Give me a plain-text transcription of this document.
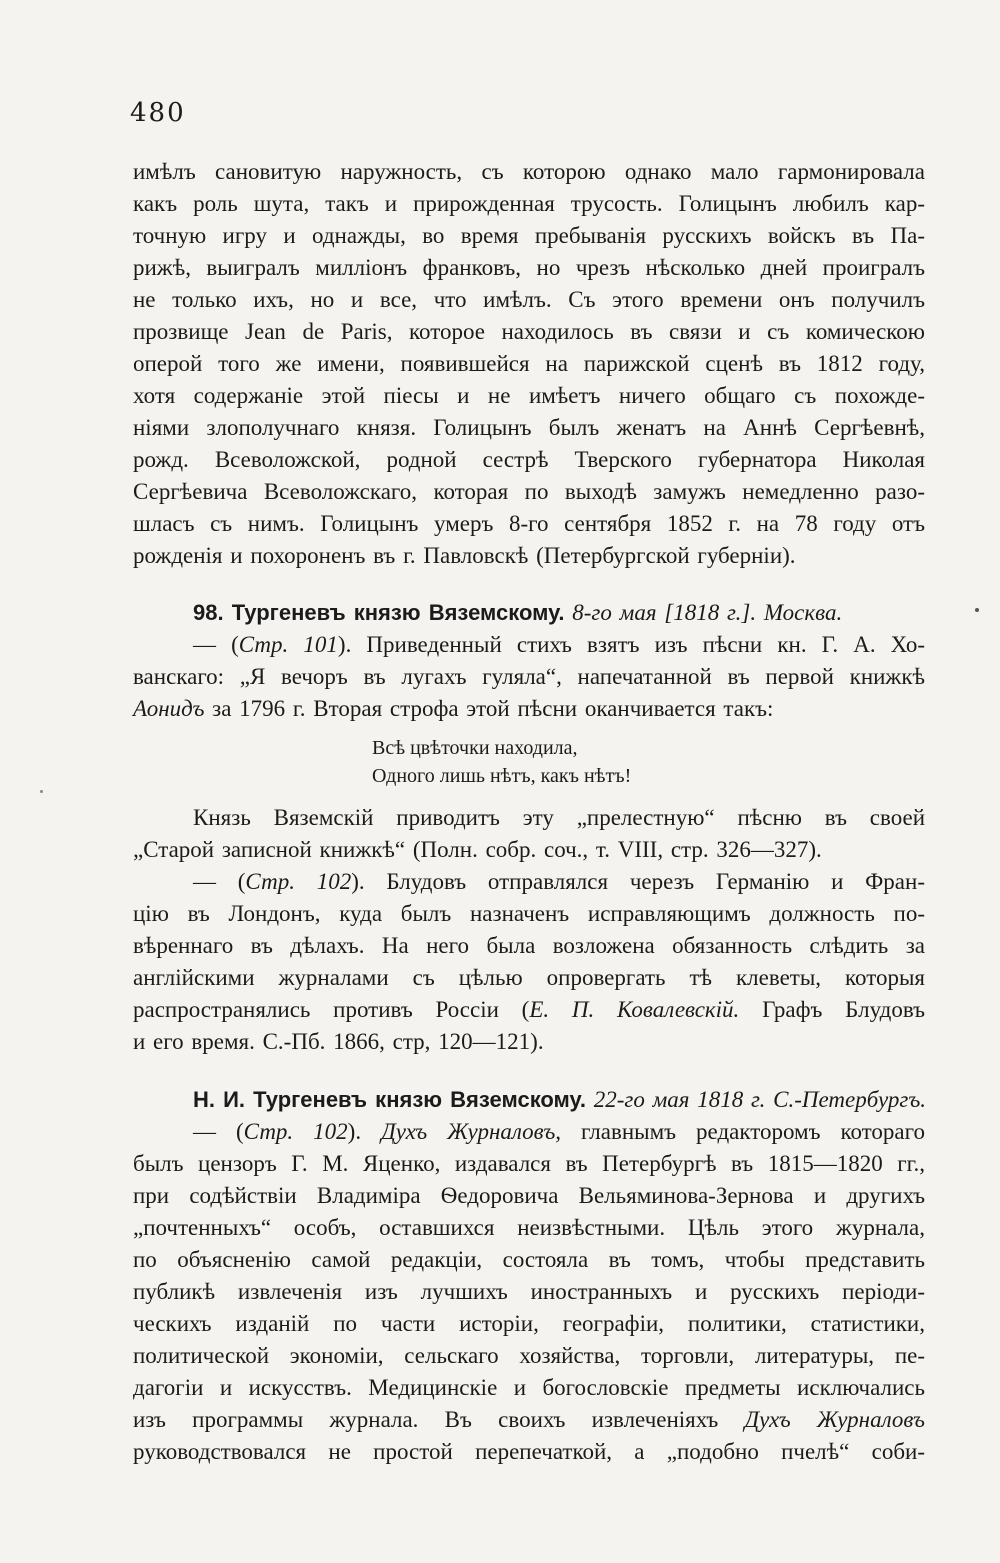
480
имѣлъ сановитую наружность, съ которою однако мало гармонировала
какъ роль шута, такъ и прирожденная трусость. Голицынъ любилъ кар-
точную игру и однажды, во время пребыванія русскихъ войскъ въ Па-
рижѣ, выигралъ милліонъ франковъ, но чрезъ нѣсколько дней проигралъ
не только ихъ, но и все, что имѣлъ. Съ этого времени онъ получилъ
прозвище Jean de Paris, которое находилось въ связи и съ комическою
оперой того же имени, появившейся на парижской сценѣ въ 1812 году,
хотя содержаніе этой піесы и не имѣетъ ничего общаго съ похожде-
ніями злополучнаго князя. Голицынъ былъ женатъ на Аннѣ Сергѣевнѣ,
рожд. Всеволожской, родной сестрѣ Тверского губернатора Николая
Сергѣевича Всеволожскаго, которая по выходѣ замужъ немедленно разо-
шласъ съ нимъ. Голицынъ умеръ 8-го сентября 1852 г. на 78 году отъ
рожденія и похороненъ въ г. Павловскѣ (Петербургской губерніи).
98. Тургеневъ князю Вяземскому. 8-го мая [1818 г.]. Москва.
— (Стр. 101). Приведенный стихъ взятъ изъ пѣсни кн. Г. А. Хо-
ванскаго: „Я вечоръ въ лугахъ гуляла“, напечатанной въ первой книжкѣ
Аонидъ за 1796 г. Вторая строфа этой пѣсни оканчивается такъ:
Всѣ цвѣточки находила,
Одного лишь нѣтъ, какъ нѣтъ!
Князь Вяземскій приводитъ эту „прелестную“ пѣсню въ своей
„Старой записной книжкѣ“ (Полн. собр. соч., т. VIII, стр. 326—327).
— (Стр. 102). Блудовъ отправлялся черезъ Германію и Фран-
цію въ Лондонъ, куда былъ назначенъ исправляющимъ должность по-
вѣреннаго въ дѣлахъ. На него была возложена обязанность слѣдить за
англійскими журналами съ цѣлью опровергать тѣ клеветы, которыя
распространялись противъ Россіи (Е. П. Ковалевскій. Графъ Блудовъ
и его время. С.-Пб. 1866, стр, 120—121).
Н. И. Тургеневъ князю Вяземскому. 22-го мая 1818 г. С.-Петербургъ.
— (Стр. 102). Духъ Журналовъ, главнымъ редакторомъ котораго
былъ цензоръ Г. М. Яценко, издавался въ Петербургѣ въ 1815—1820 гг.,
при содѣйствіи Владиміра Ѳедоровича Вельяминова-Зернова и другихъ
„почтенныхъ“ особъ, оставшихся неизвѣстными. Цѣль этого журнала,
по объясненію самой редакціи, состояла въ томъ, чтобы представить
публикѣ извлеченія изъ лучшихъ иностранныхъ и русскихъ періоди-
ческихъ изданій по части исторіи, географіи, политики, статистики,
политической экономіи, сельскаго хозяйства, торговли, литературы, пе-
дагогіи и искусствъ. Медицинскіе и богословскіе предметы исключались
изъ программы журнала. Въ своихъ извлеченіяхъ Духъ Журналовъ
руководствовался не простой перепечаткой, а „подобно пчелѣ“ соби-
